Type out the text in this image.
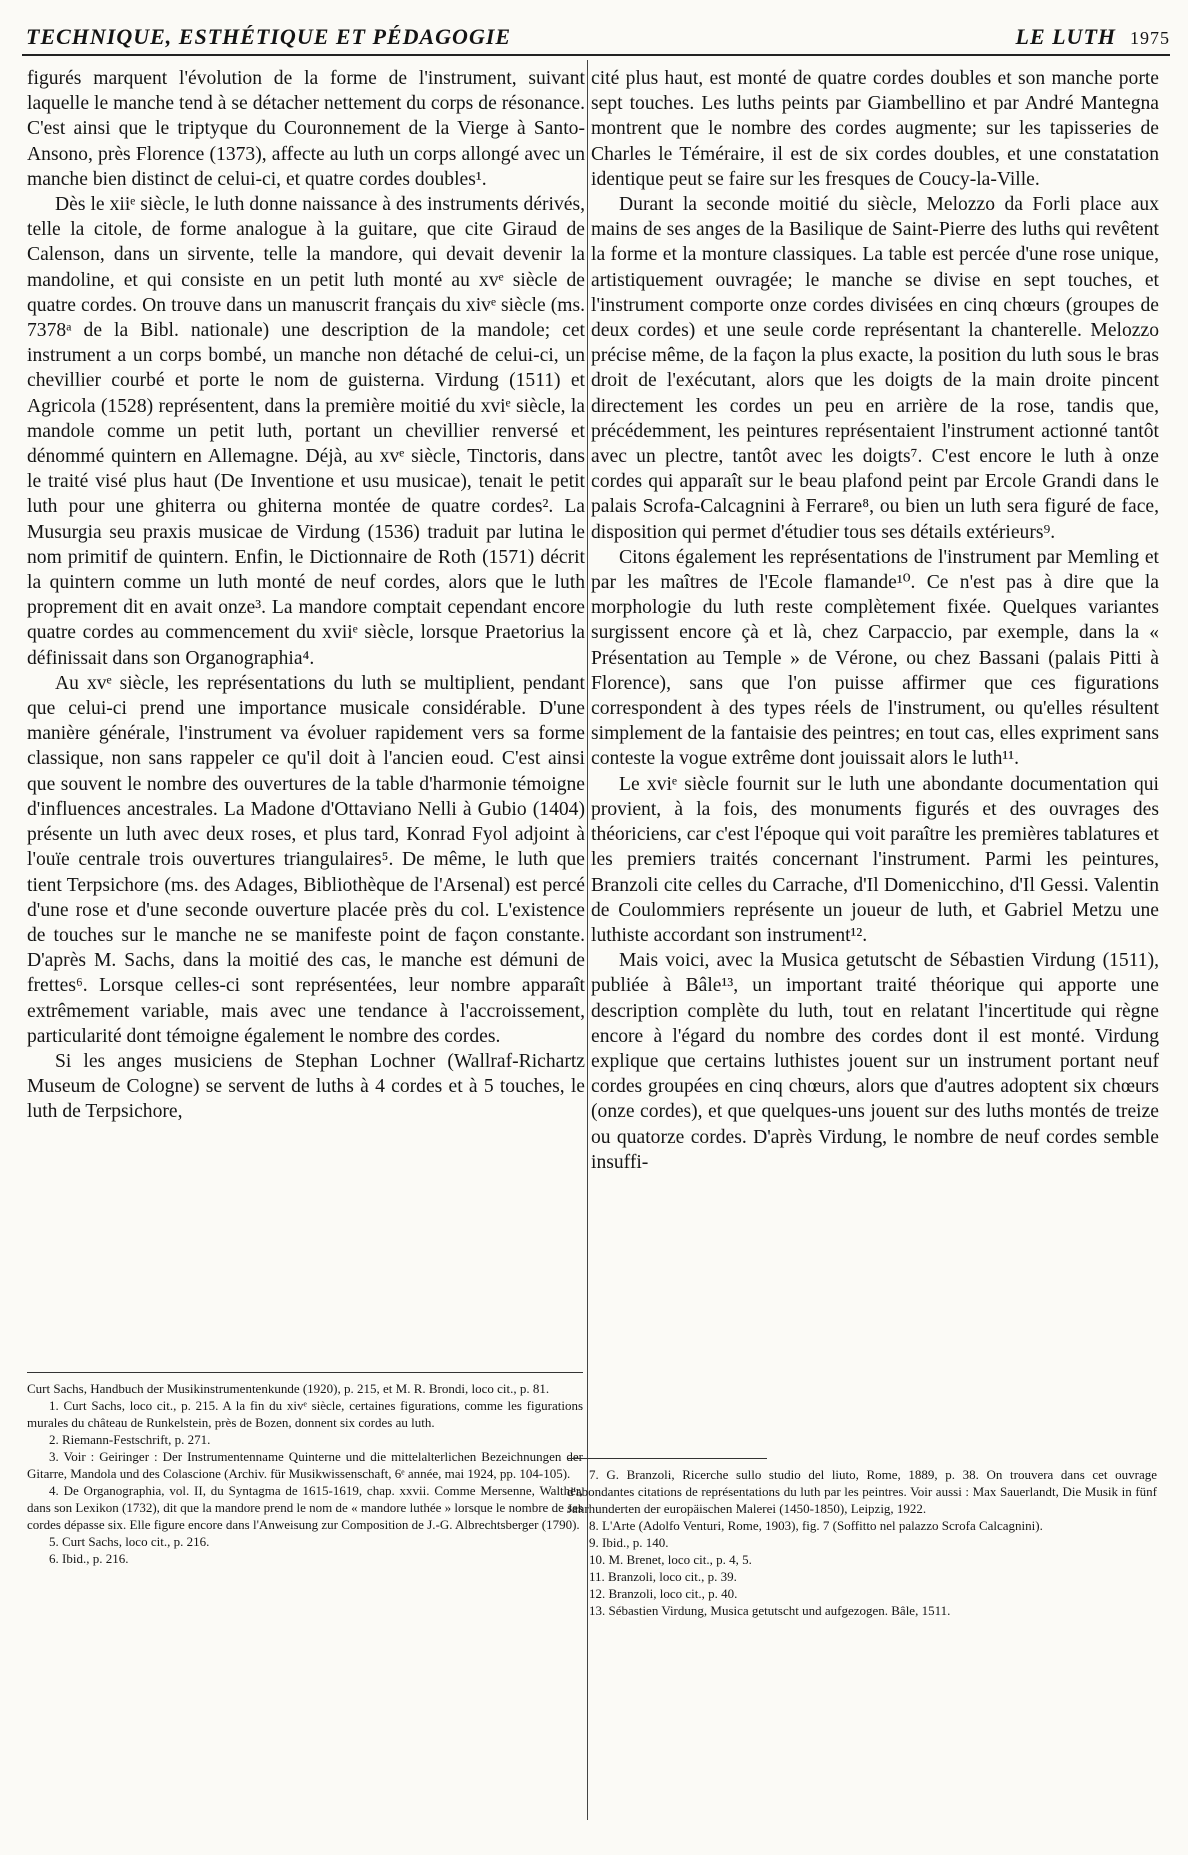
TECHNIQUE, ESTHÉTIQUE ET PÉDAGOGIE	LE LUTH 1975

figurés marquent l'évolution de la forme de l'instrument, suivant laquelle le manche tend à se détacher nettement du corps de résonance. C'est ainsi que le triptyque du Couronnement de la Vierge à Santo-Ansono, près Florence (1373), affecte au luth un corps allongé avec un manche bien distinct de celui-ci, et quatre cordes doubles¹.

Dès le xiiᵉ siècle, le luth donne naissance à des instruments dérivés, telle la citole, de forme analogue à la guitare, que cite Giraud de Calenson, dans un sirvente, telle la mandore, qui devait devenir la mandoline, et qui consiste en un petit luth monté au xvᵉ siècle de quatre cordes. On trouve dans un manuscrit français du xivᵉ siècle (ms. 7378ᵃ de la Bibl. nationale) une description de la mandole; cet instrument a un corps bombé, un manche non détaché de celui-ci, un chevillier courbé et porte le nom de guisterna. Virdung (1511) et Agricola (1528) représentent, dans la première moitié du xviᵉ siècle, la mandole comme un petit luth, portant un chevillier renversé et dénommé quintern en Allemagne. Déjà, au xvᵉ siècle, Tinctoris, dans le traité visé plus haut (De Inventione et usu musicae), tenait le petit luth pour une ghiterra ou ghiterna montée de quatre cordes². La Musurgia seu praxis musicae de Virdung (1536) traduit par lutina le nom primitif de quintern. Enfin, le Dictionnaire de Roth (1571) décrit la quintern comme un luth monté de neuf cordes, alors que le luth proprement dit en avait onze³. La mandore comptait cependant encore quatre cordes au commencement du xviiᵉ siècle, lorsque Praetorius la définissait dans son Organographia⁴.

Au xvᵉ siècle, les représentations du luth se multiplient, pendant que celui-ci prend une importance musicale considérable. D'une manière générale, l'instrument va évoluer rapidement vers sa forme classique, non sans rappeler ce qu'il doit à l'ancien eoud. C'est ainsi que souvent le nombre des ouvertures de la table d'harmonie témoigne d'influences ancestrales. La Madone d'Ottaviano Nelli à Gubio (1404) présente un luth avec deux roses, et plus tard, Konrad Fyol adjoint à l'ouïe centrale trois ouvertures triangulaires⁵. De même, le luth que tient Terpsichore (ms. des Adages, Bibliothèque de l'Arsenal) est percé d'une rose et d'une seconde ouverture placée près du col. L'existence de touches sur le manche ne se manifeste point de façon constante. D'après M. Sachs, dans la moitié des cas, le manche est démuni de frettes⁶. Lorsque celles-ci sont représentées, leur nombre apparaît extrêmement variable, mais avec une tendance à l'accroissement, particularité dont témoigne également le nombre des cordes.

Si les anges musiciens de Stephan Lochner (Wallraf-Richartz Museum de Cologne) se servent de luths à 4 cordes et à 5 touches, le luth de Terpsichore,

cité plus haut, est monté de quatre cordes doubles et son manche porte sept touches. Les luths peints par Giambellino et par André Mantegna montrent que le nombre des cordes augmente; sur les tapisseries de Charles le Téméraire, il est de six cordes doubles, et une constatation identique peut se faire sur les fresques de Coucy-la-Ville.

Durant la seconde moitié du siècle, Melozzo da Forli place aux mains de ses anges de la Basilique de Saint-Pierre des luths qui revêtent la forme et la monture classiques. La table est percée d'une rose unique, artistiquement ouvragée; le manche se divise en sept touches, et l'instrument comporte onze cordes divisées en cinq chœurs (groupes de deux cordes) et une seule corde représentant la chanterelle. Melozzo précise même, de la façon la plus exacte, la position du luth sous le bras droit de l'exécutant, alors que les doigts de la main droite pincent directement les cordes un peu en arrière de la rose, tandis que, précédemment, les peintures représentaient l'instrument actionné tantôt avec un plectre, tantôt avec les doigts⁷. C'est encore le luth à onze cordes qui apparaît sur le beau plafond peint par Ercole Grandi dans le palais Scrofa-Calcagnini à Ferrare⁸, ou bien un luth sera figuré de face, disposition qui permet d'étudier tous ses détails extérieurs⁹.

Citons également les représentations de l'instrument par Memling et par les maîtres de l'Ecole flamande¹⁰. Ce n'est pas à dire que la morphologie du luth reste complètement fixée. Quelques variantes surgissent encore çà et là, chez Carpaccio, par exemple, dans la « Présentation au Temple » de Vérone, ou chez Bassani (palais Pitti à Florence), sans que l'on puisse affirmer que ces figurations correspondent à des types réels de l'instrument, ou qu'elles résultent simplement de la fantaisie des peintres; en tout cas, elles expriment sans conteste la vogue extrême dont jouissait alors le luth¹¹.

Le xviᵉ siècle fournit sur le luth une abondante documentation qui provient, à la fois, des monuments figurés et des ouvrages des théoriciens, car c'est l'époque qui voit paraître les premières tablatures et les premiers traités concernant l'instrument. Parmi les peintures, Branzoli cite celles du Carrache, d'Il Domenicchino, d'Il Gessi. Valentin de Coulommiers représente un joueur de luth, et Gabriel Metzu une luthiste accordant son instrument¹².

Mais voici, avec la Musica getutscht de Sébastien Virdung (1511), publiée à Bâle¹³, un important traité théorique qui apporte une description complète du luth, tout en relatant l'incertitude qui règne encore à l'égard du nombre des cordes dont il est monté. Virdung explique que certains luthistes jouent sur un instrument portant neuf cordes groupées en cinq chœurs, alors que d'autres adoptent six chœurs (onze cordes), et que quelques-uns jouent sur des luths montés de treize ou quatorze cordes. D'après Virdung, le nombre de neuf cordes semble insuffi-

Curt Sachs, Handbuch der Musikinstrumentenkunde (1920), p. 215, et M. R. Brondi, loco cit., p. 81.

1. Curt Sachs, loco cit., p. 215. A la fin du xivᵉ siècle, certaines figurations, comme les figurations murales du château de Runkelstein, près de Bozen, donnent six cordes au luth.

2. Riemann-Festschrift, p. 271.

3. Voir : Geiringer : Der Instrumentenname Quinterne und die mittelalterlichen Bezeichnungen der Gitarre, Mandola und des Colascione (Archiv. für Musikwissenschaft, 6ᵉ année, mai 1924, pp. 104-105).

4. De Organographia, vol. II, du Syntagma de 1615-1619, chap. xxvii. Comme Mersenne, Walther, dans son Lexikon (1732), dit que la mandore prend le nom de « mandore luthée » lorsque le nombre de ses cordes dépasse six. Elle figure encore dans l'Anweisung zur Composition de J.-G. Albrechtsberger (1790).

5. Curt Sachs, loco cit., p. 216.

6. Ibid., p. 216.

7. G. Branzoli, Ricerche sullo studio del liuto, Rome, 1889, p. 38. On trouvera dans cet ouvrage d'abondantes citations de représentations du luth par les peintres. Voir aussi : Max Sauerlandt, Die Musik in fünf Jahrhunderten der europäischen Malerei (1450-1850), Leipzig, 1922.

8. L'Arte (Adolfo Venturi, Rome, 1903), fig. 7 (Soffitto nel palazzo Scrofa Calcagnini).

9. Ibid., p. 140.

10. M. Brenet, loco cit., p. 4, 5.

11. Branzoli, loco cit., p. 39.

12. Branzoli, loco cit., p. 40.

13. Sébastien Virdung, Musica getutscht und aufgezogen. Bâle, 1511.
